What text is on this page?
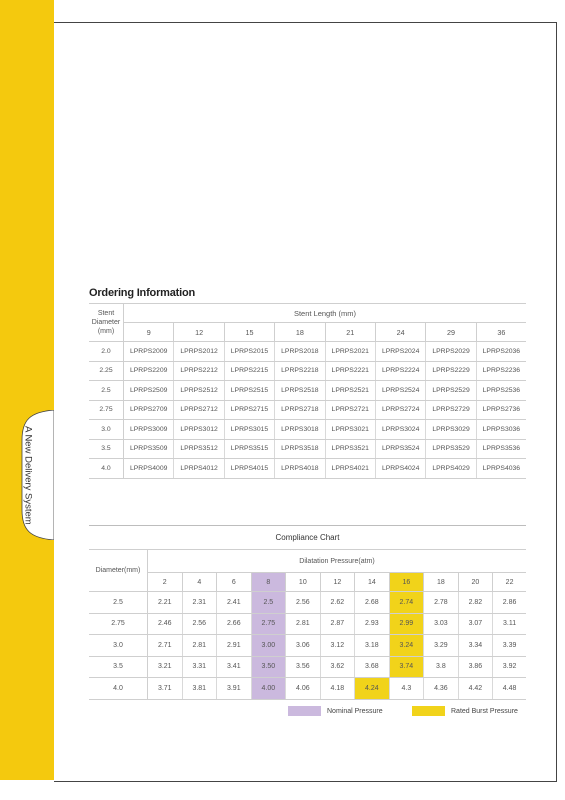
A New Delivery System
Ordering Information
Stent
Diameter
(mm)	Stent Length (mm)							
	9	12	15	18	21	24	29	36
2.0	LPRPS2009	LPRPS2012	LPRPS2015	LPRPS2018	LPRPS2021	LPRPS2024	LPRPS2029	LPRPS2036
2.25	LPRPS2209	LPRPS2212	LPRPS2215	LPRPS2218	LPRPS2221	LPRPS2224	LPRPS2229	LPRPS2236
2.5	LPRPS2509	LPRPS2512	LPRPS2515	LPRPS2518	LPRPS2521	LPRPS2524	LPRPS2529	LPRPS2536
2.75	LPRPS2709	LPRPS2712	LPRPS2715	LPRPS2718	LPRPS2721	LPRPS2724	LPRPS2729	LPRPS2736
3.0	LPRPS3009	LPRPS3012	LPRPS3015	LPRPS3018	LPRPS3021	LPRPS3024	LPRPS3029	LPRPS3036
3.5	LPRPS3509	LPRPS3512	LPRPS3515	LPRPS3518	LPRPS3521	LPRPS3524	LPRPS3529	LPRPS3536
4.0	LPRPS4009	LPRPS4012	LPRPS4015	LPRPS4018	LPRPS4021	LPRPS4024	LPRPS4029	LPRPS4036
Compliance Chart
Diameter(mm)	Dilatation Pressure(atm)										
	2	4	6	8	10	12	14	16	18	20	22
2.5	2.21	2.31	2.41	2.5	2.56	2.62	2.68	2.74	2.78	2.82	2.86
2.75	2.46	2.56	2.66	2.75	2.81	2.87	2.93	2.99	3.03	3.07	3.11
3.0	2.71	2.81	2.91	3.00	3.06	3.12	3.18	3.24	3.29	3.34	3.39
3.5	3.21	3.31	3.41	3.50	3.56	3.62	3.68	3.74	3.8	3.86	3.92
4.0	3.71	3.81	3.91	4.00	4.06	4.18	4.24	4.3	4.36	4.42	4.48
Nominal Pressure	Rated Burst Pressure
